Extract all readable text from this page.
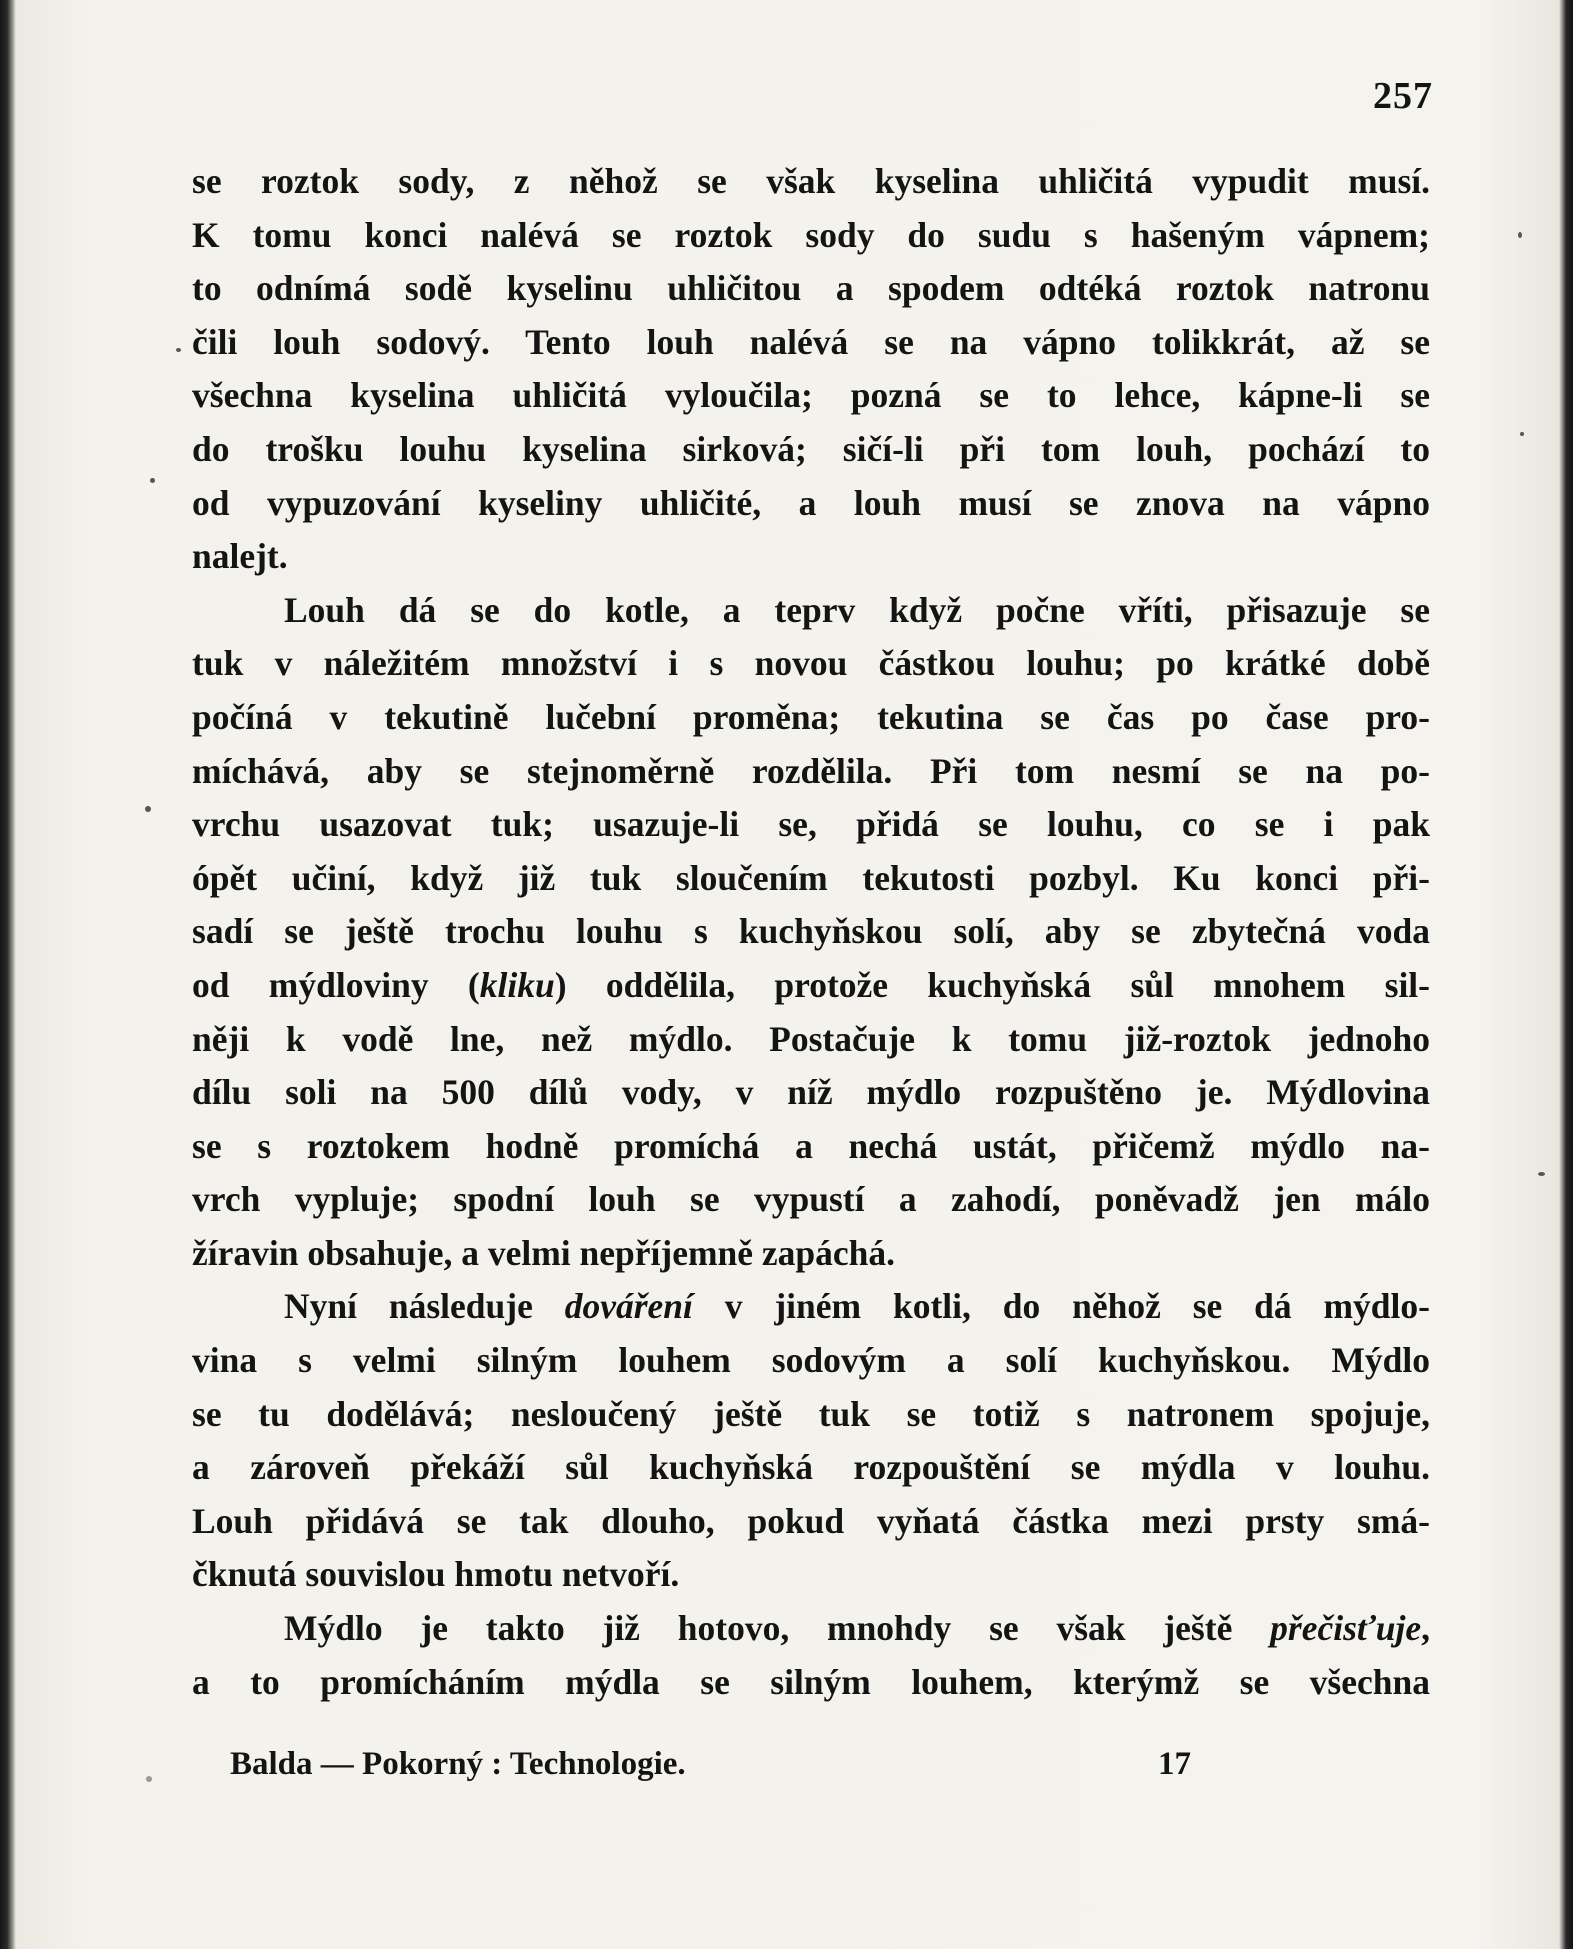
257
se roztok sody, z něhož se však kyselina uhličitá vypudit musí.
K tomu konci nalévá se roztok sody do sudu s hašeným vápnem;
to odnímá sodě kyselinu uhličitou a spodem odtéká roztok natronu
čili louh sodový. Tento louh nalévá se na vápno tolikkrát, až se
všechna kyselina uhličitá vyloučila; pozná se to lehce, kápne-li se
do trošku louhu kyselina sirková; sičí-li při tom louh, pochází to
od vypuzování kyseliny uhličité, a louh musí se znova na vápno
nalejt.
Louh dá se do kotle, a teprv když počne vříti, přisazuje se
tuk v náležitém množství i s novou částkou louhu; po krátké době
počíná v tekutině lučební proměna; tekutina se čas po čase pro-
míchává, aby se stejnoměrně rozdělila. Při tom nesmí se na po-
vrchu usazovat tuk; usazuje-li se, přidá se louhu, co se i pak
ópět učiní, když již tuk sloučením tekutosti pozbyl. Ku konci při-
sadí se ještě trochu louhu s kuchyňskou solí, aby se zbytečná voda
od mýdloviny (kliku) oddělila, protože kuchyňská sůl mnohem sil-
něji k vodě lne, než mýdlo. Postačuje k tomu již-roztok jednoho
dílu soli na 500 dílů vody, v níž mýdlo rozpuštěno je. Mýdlovina
se s roztokem hodně promíchá a nechá ustát, přičemž mýdlo na-
vrch vypluje; spodní louh se vypustí a zahodí, poněvadž jen málo
žíravin obsahuje, a velmi nepříjemně zapáchá.
Nyní následuje dováření v jiném kotli, do něhož se dá mýdlo-
vina s velmi silným louhem sodovým a solí kuchyňskou. Mýdlo
se tu dodělává; nesloučený ještě tuk se totiž s natronem spojuje,
a zároveň překáží sůl kuchyňská rozpouštění se mýdla v louhu.
Louh přidává se tak dlouho, pokud vyňatá částka mezi prsty smá-
čknutá souvislou hmotu netvoří.
Mýdlo je takto již hotovo, mnohdy se však ještě přečisťuje,
a to promícháním mýdla se silným louhem, kterýmž se všechna
Balda — Pokorný : Technologie.	17
